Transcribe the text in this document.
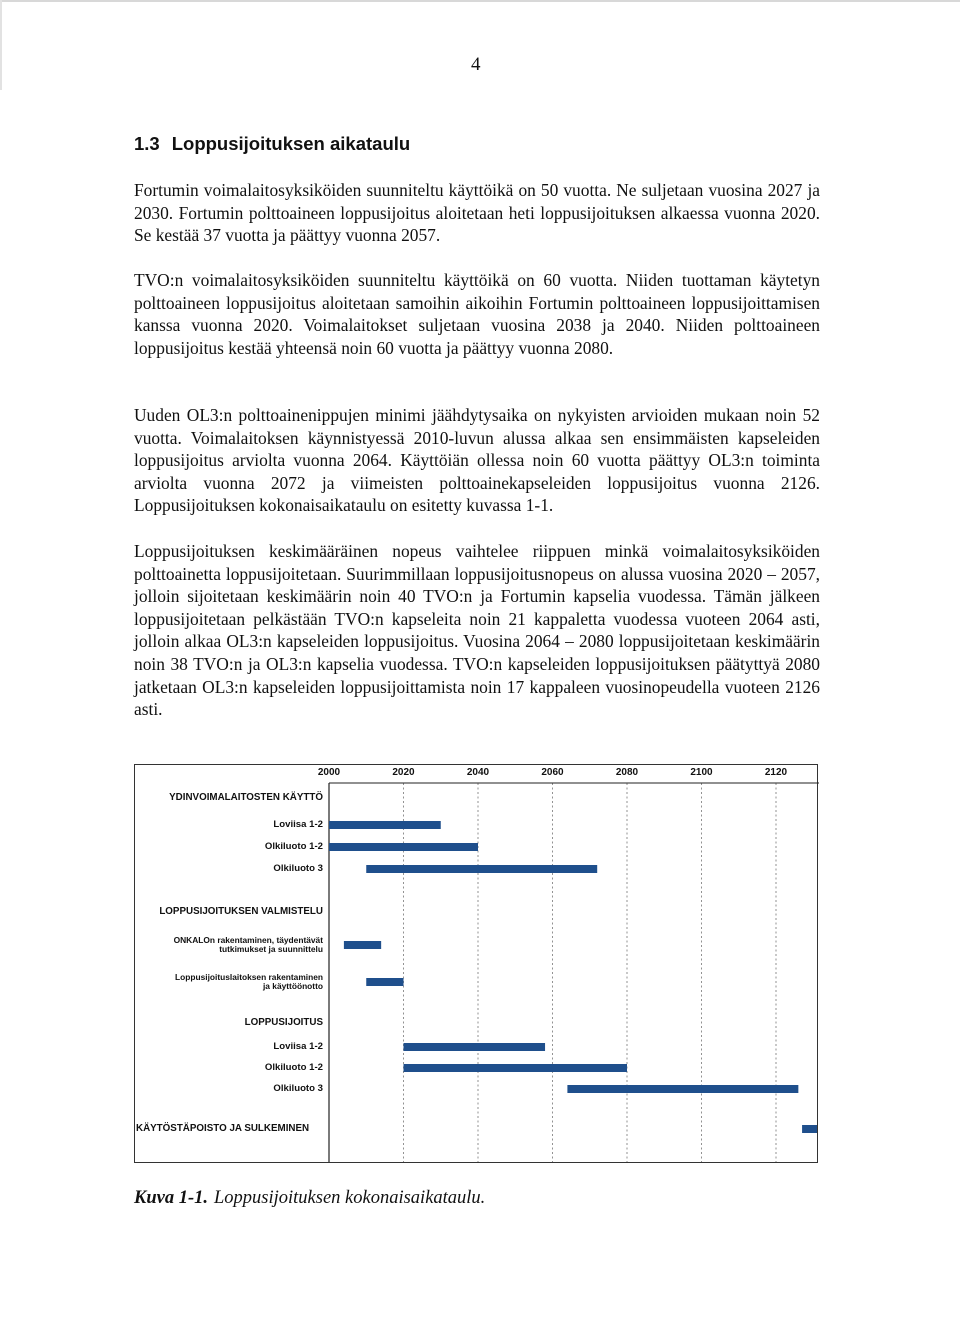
4
1.3 Loppusijoituksen aikataulu

Fortumin voimalaitosyksiköiden suunniteltu käyttöikä on 50 vuotta. Ne suljetaan vuosina 2027 ja 2030. Fortumin polttoaineen loppusijoitus aloitetaan heti loppusijoituksen alkaessa vuonna 2020. Se kestää 37 vuotta ja päättyy vuonna 2057.

TVO:n voimalaitosyksiköiden suunniteltu käyttöikä on 60 vuotta. Niiden tuottaman käytetyn polttoaineen loppusijoitus aloitetaan samoihin aikoihin Fortumin polttoaineen loppusijoittamisen kanssa vuonna 2020. Voimalaitokset suljetaan vuosina 2038 ja 2040. Niiden polttoaineen loppusijoitus kestää yhteensä noin 60 vuotta ja päättyy vuonna 2080.

Uuden OL3:n polttoainenippujen minimi jäähdytysaika on nykyisten arvioiden mukaan noin 52 vuotta. Voimalaitoksen käynnistyessä 2010-luvun alussa alkaa sen ensimmäisten kapseleiden loppusijoitus arviolta vuonna 2064. Käyttöiän ollessa noin 60 vuotta päättyy OL3:n toiminta arviolta vuonna 2072 ja viimeisten polttoainekapseleiden loppusijoitus vuonna 2126. Loppusijoituksen kokonaisaikataulu on esitetty kuvassa 1-1.

Loppusijoituksen keskimääräinen nopeus vaihtelee riippuen minkä voimalaitosyksiköiden polttoainetta loppusijoitetaan. Suurimmillaan loppusijoitusnopeus on alussa vuosina 2020 – 2057, jolloin sijoitetaan keskimäärin noin 40 TVO:n ja Fortumin kapselia vuodessa. Tämän jälkeen loppusijoitetaan pelkästään TVO:n kapseleita noin 21 kappaletta vuodessa vuoteen 2064 asti, jolloin alkaa OL3:n kapseleiden loppusijoitus. Vuosina 2064 – 2080 loppusijoitetaan keskimäärin noin 38 TVO:n ja OL3:n kapselia vuodessa. TVO:n kapseleiden loppusijoituksen päätyttyä 2080 jatketaan OL3:n kapseleiden loppusijoittamista noin 17 kappaleen vuosinopeudella vuoteen 2126 asti.

2000	2020	2040	2060	2080	2100	2120
YDINVOIMALAITOSTEN KÄYTTÖ
Loviisa 1-2
Olkiluoto 1-2
Olkiluoto 3
LOPPUSIJOITUKSEN VALMISTELU
ONKALOn rakentaminen, täydentävät
tutkimukset ja suunnittelu
Loppusijoituslaitoksen rakentaminen
ja käyttöönotto
LOPPUSIJOITUS
Loviisa 1-2
Olkiluoto 1-2
Olkiluoto 3
KÄYTÖSTÄPOISTO JA SULKEMINEN

Kuva 1-1. Loppusijoituksen kokonaisaikataulu.
